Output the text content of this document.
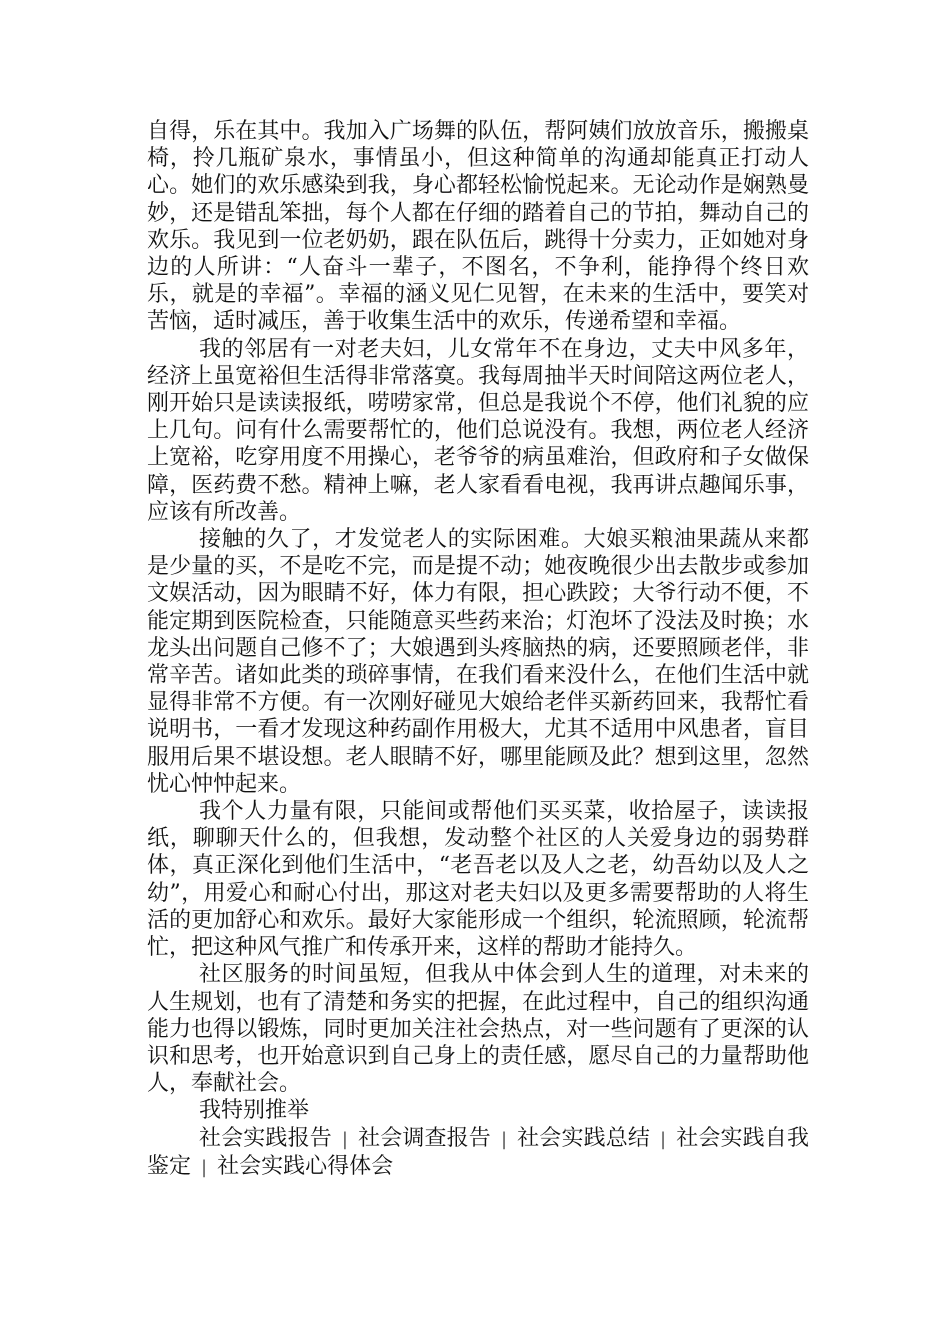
自得，乐在其中。我加入广场舞的队伍，帮阿姨们放放音乐，搬搬桌椅，拎几瓶矿泉水，事情虽小，但这种简单的沟通却能真正打动人心。她们的欢乐感染到我，身心都轻松愉悦起来。无论动作是娴熟曼妙，还是错乱笨拙，每个人都在仔细的踏着自己的节拍，舞动自己的欢乐。我见到一位老奶奶，跟在队伍后，跳得十分卖力，正如她对身边的人所讲：“人奋斗一辈子，不图名，不争利，能挣得个终日欢乐，就是的幸福”。幸福的涵义见仁见智，在未来的生活中，要笑对苦恼，适时减压，善于收集生活中的欢乐，传递希望和幸福。

我的邻居有一对老夫妇，儿女常年不在身边，丈夫中风多年，经济上虽宽裕但生活得非常落寞。我每周抽半天时间陪这两位老人，刚开始只是读读报纸，唠唠家常，但总是我说个不停，他们礼貌的应上几句。问有什么需要帮忙的，他们总说没有。我想，两位老人经济上宽裕，吃穿用度不用操心，老爷爷的病虽难治，但政府和子女做保障，医药费不愁。精神上嘛，老人家看看电视，我再讲点趣闻乐事，应该有所改善。

接触的久了，才发觉老人的实际困难。大娘买粮油果蔬从来都是少量的买，不是吃不完，而是提不动；她夜晚很少出去散步或参加文娱活动，因为眼睛不好，体力有限，担心跌跤；大爷行动不便，不能定期到医院检查，只能随意买些药来治；灯泡坏了没法及时换；水龙头出问题自己修不了；大娘遇到头疼脑热的病，还要照顾老伴，非常辛苦。诸如此类的琐碎事情，在我们看来没什么，在他们生活中就显得非常不方便。有一次刚好碰见大娘给老伴买新药回来，我帮忙看说明书，一看才发现这种药副作用极大，尤其不适用中风患者，盲目服用后果不堪设想。老人眼睛不好，哪里能顾及此？想到这里，忽然忧心忡忡起来。

我个人力量有限，只能间或帮他们买买菜，收拾屋子，读读报纸，聊聊天什么的，但我想，发动整个社区的人关爱身边的弱势群体，真正深化到他们生活中，“老吾老以及人之老，幼吾幼以及人之幼”，用爱心和耐心付出，那这对老夫妇以及更多需要帮助的人将生活的更加舒心和欢乐。最好大家能形成一个组织，轮流照顾，轮流帮忙，把这种风气推广和传承开来，这样的帮助才能持久。

社区服务的时间虽短，但我从中体会到人生的道理，对未来的人生规划，也有了清楚和务实的把握，在此过程中，自己的组织沟通能力也得以锻炼，同时更加关注社会热点，对一些问题有了更深的认识和思考，也开始意识到自己身上的责任感，愿尽自己的力量帮助他人，奉献社会。

我特别推举

社会实践报告 | 社会调查报告 | 社会实践总结 | 社会实践自我鉴定 | 社会实践心得体会
